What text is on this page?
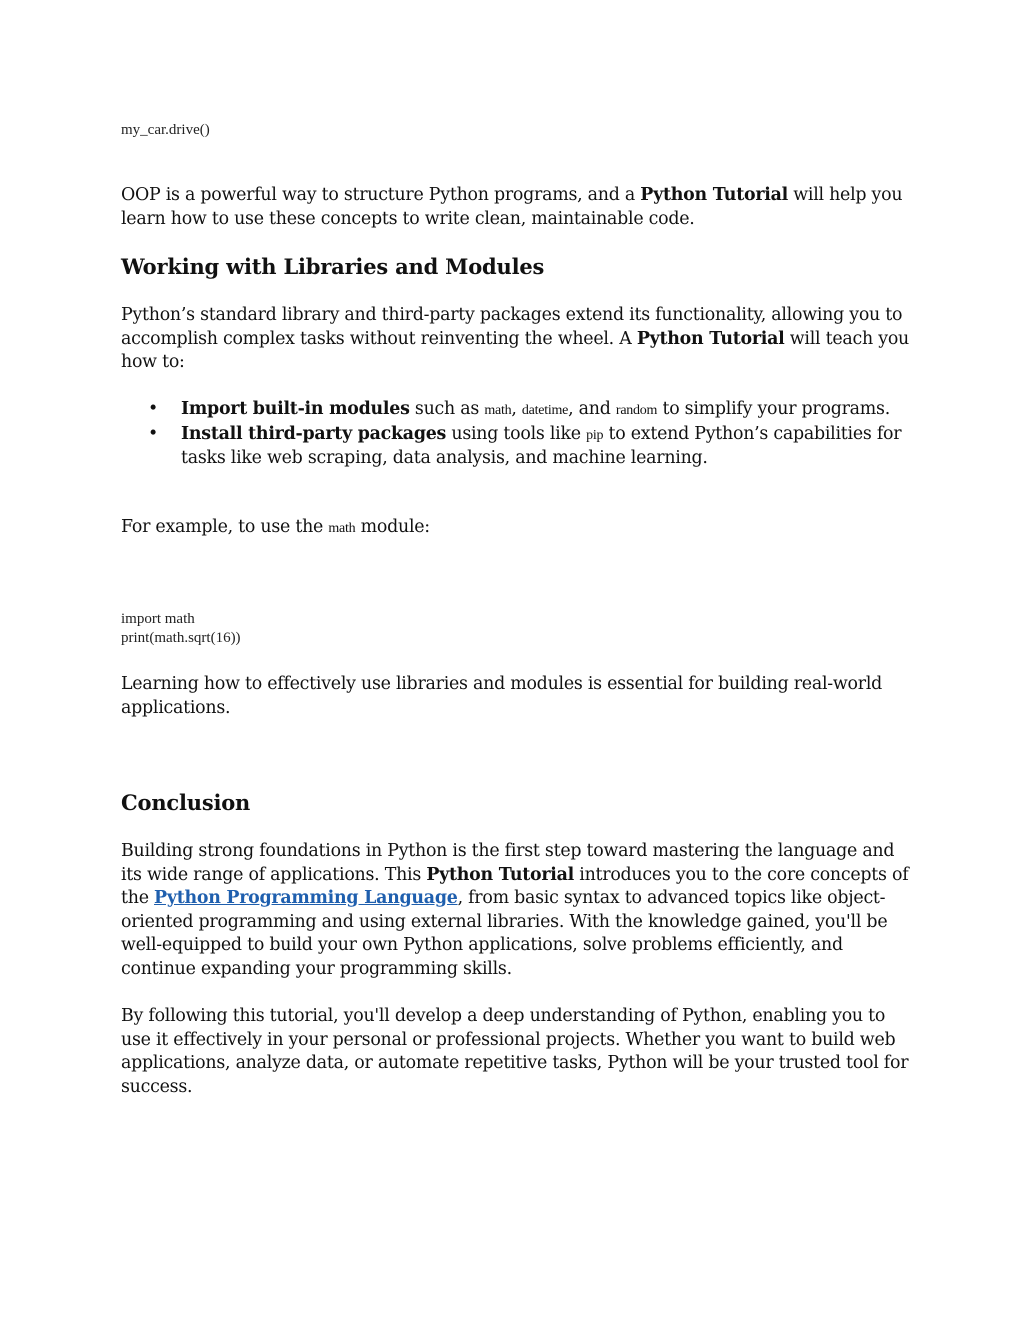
my_car.drive()

OOP is a powerful way to structure Python programs, and a Python Tutorial will help you learn how to use these concepts to write clean, maintainable code.

Working with Libraries and Modules

Python’s standard library and third-party packages extend its functionality, allowing you to accomplish complex tasks without reinventing the wheel. A Python Tutorial will teach you how to:

• Import built-in modules such as math, datetime, and random to simplify your programs.
• Install third-party packages using tools like pip to extend Python’s capabilities for tasks like web scraping, data analysis, and machine learning.

For example, to use the math module:

import math
print(math.sqrt(16))

Learning how to effectively use libraries and modules is essential for building real-world applications.

Conclusion

Building strong foundations in Python is the first step toward mastering the language and its wide range of applications. This Python Tutorial introduces you to the core concepts of the Python Programming Language, from basic syntax to advanced topics like object-oriented programming and using external libraries. With the knowledge gained, you'll be well-equipped to build your own Python applications, solve problems efficiently, and continue expanding your programming skills.

By following this tutorial, you'll develop a deep understanding of Python, enabling you to use it effectively in your personal or professional projects. Whether you want to build web applications, analyze data, or automate repetitive tasks, Python will be your trusted tool for success.
